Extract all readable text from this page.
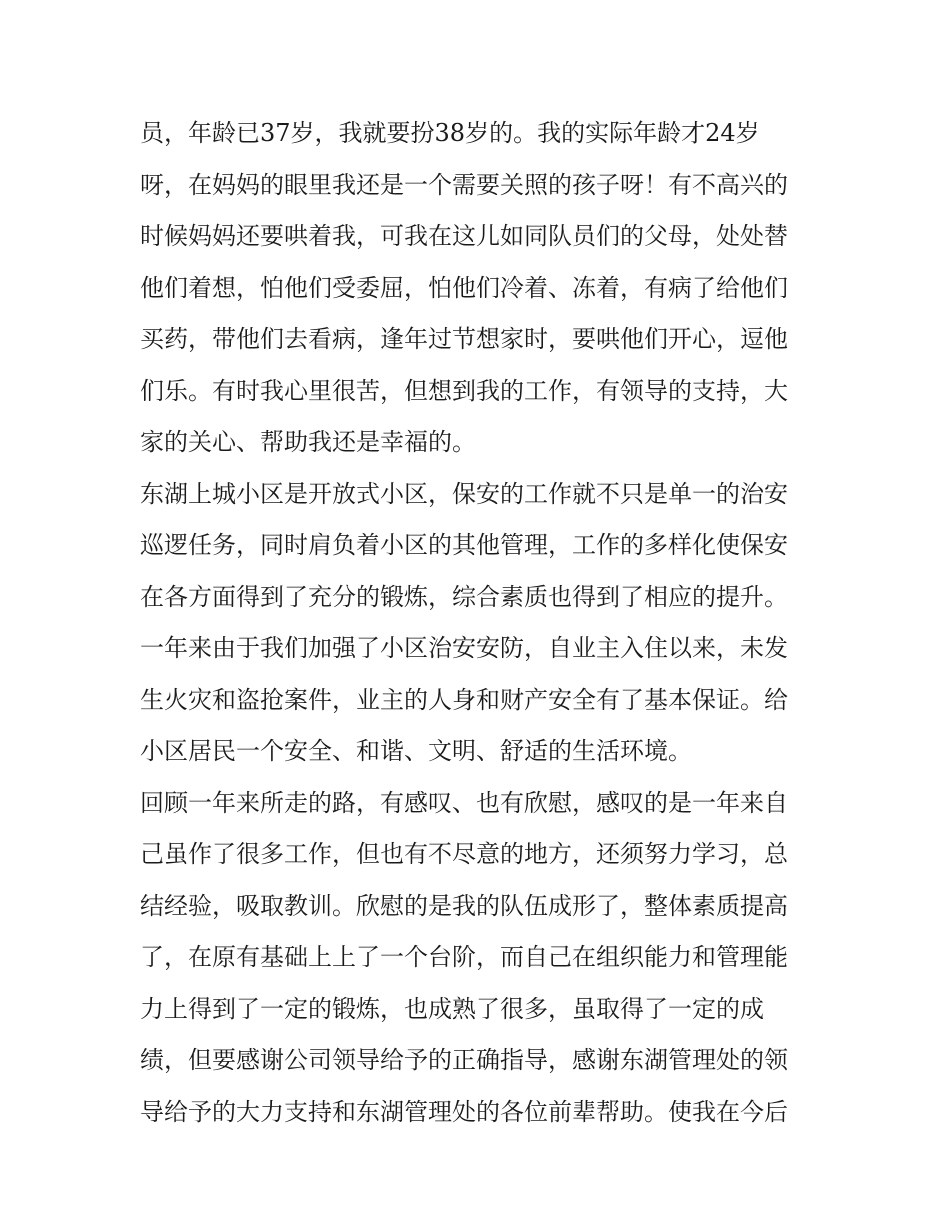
员，年龄已37岁，我就要扮38岁的。我的实际年龄才24岁
呀，在妈妈的眼里我还是一个需要关照的孩子呀！有不高兴的
时候妈妈还要哄着我，可我在这儿如同队员们的父母，处处替
他们着想，怕他们受委屈，怕他们冷着、冻着，有病了给他们
买药，带他们去看病，逢年过节想家时，要哄他们开心，逗他
们乐。有时我心里很苦，但想到我的工作，有领导的支持，大
家的关心、帮助我还是幸福的。
东湖上城小区是开放式小区，保安的工作就不只是单一的治安
巡逻任务，同时肩负着小区的其他管理，工作的多样化使保安
在各方面得到了充分的锻炼，综合素质也得到了相应的提升。
一年来由于我们加强了小区治安安防，自业主入住以来，未发
生火灾和盗抢案件，业主的人身和财产安全有了基本保证。给
小区居民一个安全、和谐、文明、舒适的生活环境。
回顾一年来所走的路，有感叹、也有欣慰，感叹的是一年来自
己虽作了很多工作，但也有不尽意的地方，还须努力学习，总
结经验，吸取教训。欣慰的是我的队伍成形了，整体素质提高
了，在原有基础上上了一个台阶，而自己在组织能力和管理能
力上得到了一定的锻炼，也成熟了很多，虽取得了一定的成
绩，但要感谢公司领导给予的正确指导，感谢东湖管理处的领
导给予的大力支持和东湖管理处的各位前辈帮助。使我在今后
